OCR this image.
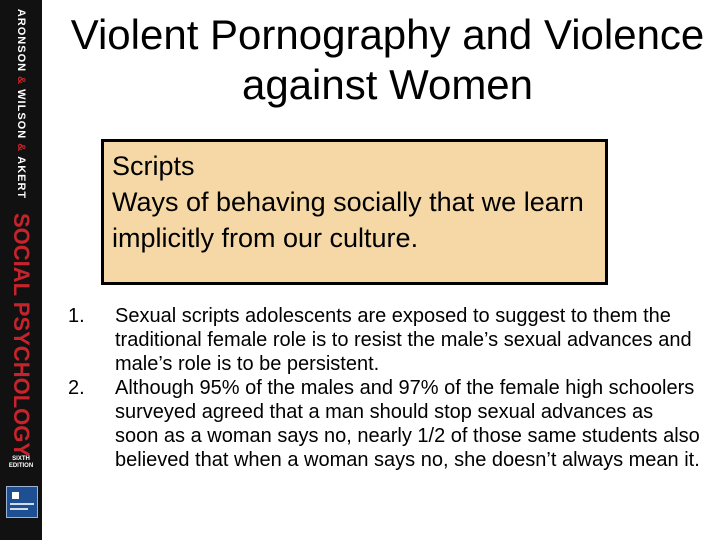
ARONSON & WILSON & AKERT
SOCIAL PSYCHOLOGY
SIXTH EDITION
Violent Pornography and Violence against Women
Scripts
Ways of behaving socially that we learn implicitly from our culture.
1. Sexual scripts adolescents are exposed to suggest to them the traditional female role is to resist the male’s sexual advances and male’s role is to be persistent.
2. Although 95% of the males and 97% of the female high schoolers surveyed agreed that a man should stop sexual advances as soon as a woman says no, nearly 1/2 of those same students also believed that when a woman says no, she doesn’t always mean it.
